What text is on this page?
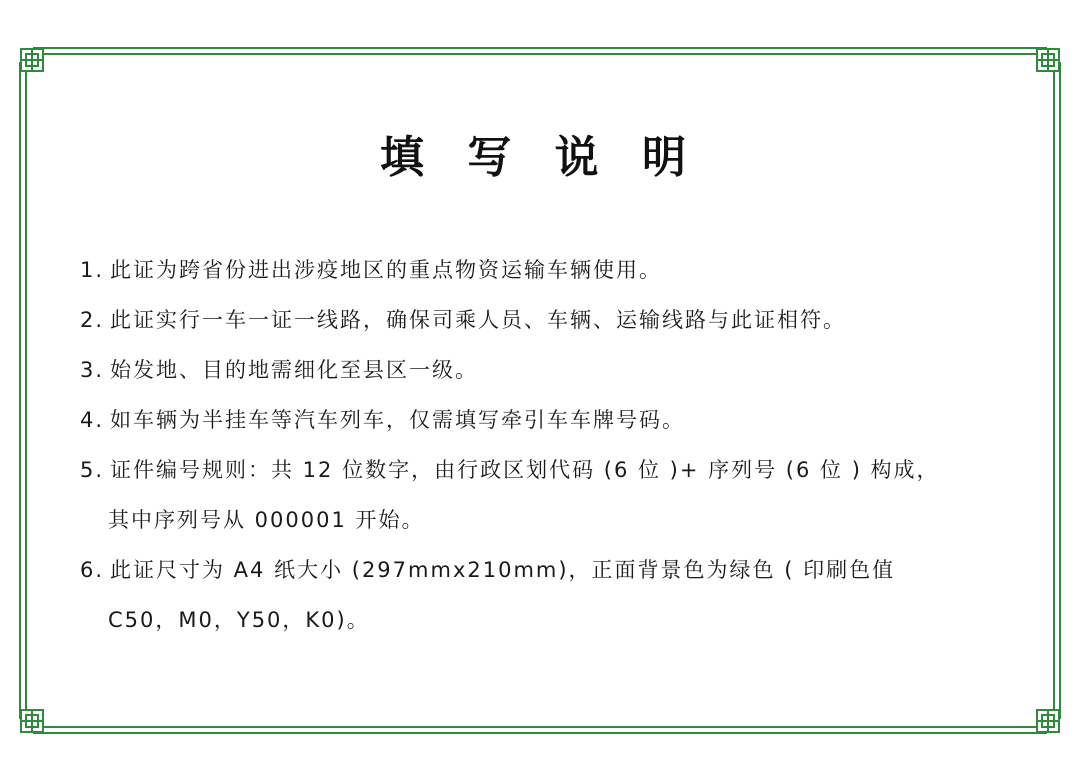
填 写 说 明
1. 此证为跨省份进出涉疫地区的重点物资运输车辆使用。
2. 此证实行一车一证一线路，确保司乘人员、车辆、运输线路与此证相符。
3. 始发地、目的地需细化至县区一级。
4. 如车辆为半挂车等汽车列车，仅需填写牵引车车牌号码。
5. 证件编号规则：共 12 位数字，由行政区划代码 (6 位 )+ 序列号 (6 位 ) 构成，
其中序列号从 000001 开始。
6. 此证尺寸为 A4 纸大小 (297mmx210mm)，正面背景色为绿色 ( 印刷色值
C50，M0，Y50，K0)。
